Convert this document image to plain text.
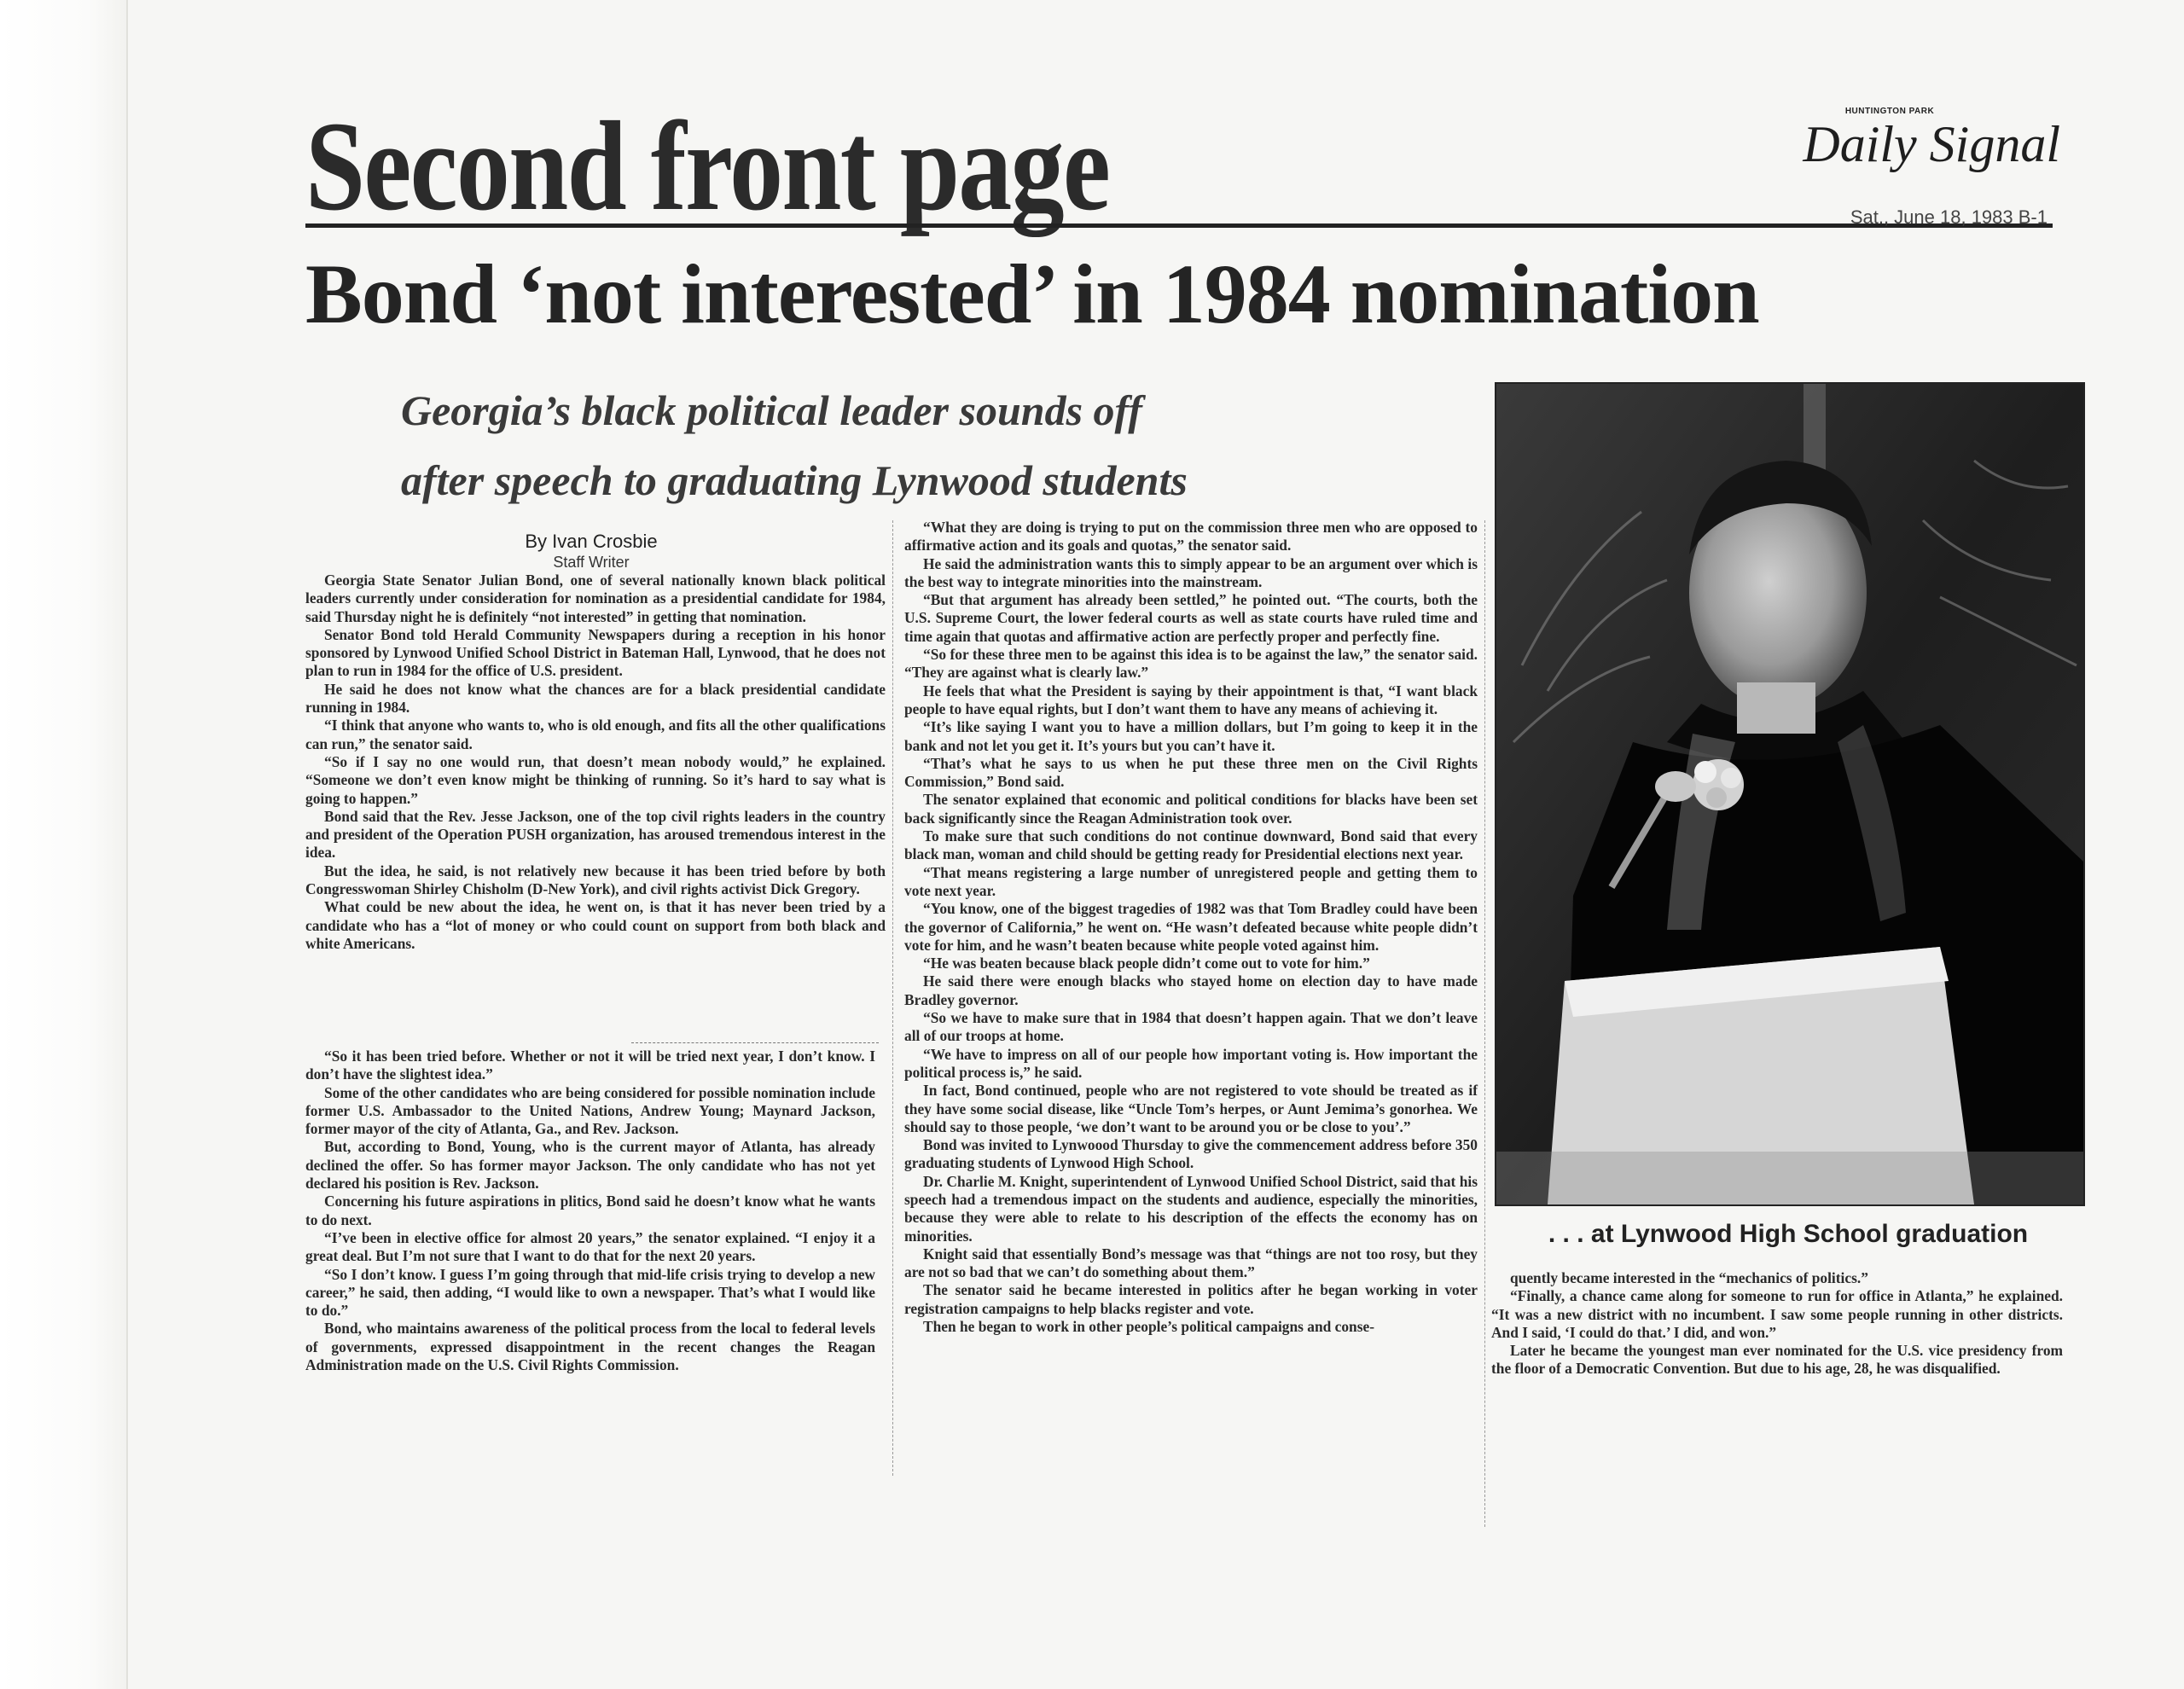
Second front page	HUNTINGTON PARK
Daily Signal
Sat., June 18, 1983 B-1
Bond ‘not interested’ in 1984 nomination
Georgia’s black political leader sounds off
after speech to graduating Lynwood students
By Ivan Crosbie
Staff Writer

Georgia State Senator Julian Bond, one of several nationally known black political leaders currently under consideration for nomination as a presidential candidate for 1984, said Thursday night he is definitely “not interested” in getting that nomination.

Senator Bond told Herald Community Newspapers during a reception in his honor sponsored by Lynwood Unified School District in Bateman Hall, Lynwood, that he does not plan to run in 1984 for the office of U.S. president.

He said he does not know what the chances are for a black presidential candidate running in 1984.

“I think that anyone who wants to, who is old enough, and fits all the other qualifications can run,” the senator said.

“So if I say no one would run, that doesn’t mean nobody would,” he explained. “Someone we don’t even know might be thinking of running. So it’s hard to say what is going to happen.”

Bond said that the Rev. Jesse Jackson, one of the top civil rights leaders in the country and president of the Operation PUSH organization, has aroused tremendous interest in the idea.

But the idea, he said, is not relatively new because it has been tried before by both Congresswoman Shirley Chisholm (D-New York), and civil rights activist Dick Gregory.

What could be new about the idea, he went on, is that it has never been tried by a candidate who has a “lot of money or who could count on support from both black and white Americans.

“So it has been tried before. Whether or not it will be tried next year, I don’t know. I don’t have the slightest idea.”

Some of the other candidates who are being considered for possible nomination include former U.S. Ambassador to the United Nations, Andrew Young; Maynard Jackson, former mayor of the city of Atlanta, Ga., and Rev. Jackson.

But, according to Bond, Young, who is the current mayor of Atlanta, has already declined the offer. So has former mayor Jackson. The only candidate who has not yet declared his position is Rev. Jackson.

Concerning his future aspirations in plitics, Bond said he doesn’t know what he wants to do next.

“I’ve been in elective office for almost 20 years,” the senator explained. “I enjoy it a great deal. But I’m not sure that I want to do that for the next 20 years.

“So I don’t know. I guess I’m going through that mid-life crisis trying to develop a new career,” he said, then adding, “I would like to own a newspaper. That’s what I would like to do.”

Bond, who maintains awareness of the political process from the local to federal levels of governments, expressed disappointment in the recent changes the Reagan Administration made on the U.S. Civil Rights Commission.

“What they are doing is trying to put on the commission three men who are opposed to affirmative action and its goals and quotas,” the senator said.

He said the administration wants this to simply appear to be an argument over which is the best way to integrate minorities into the mainstream.

“But that argument has already been settled,” he pointed out. “The courts, both the U.S. Supreme Court, the lower federal courts as well as state courts have ruled time and time again that quotas and affirmative action are perfectly proper and perfectly fine.

“So for these three men to be against this idea is to be against the law,” the senator said. “They are against what is clearly law.”

He feels that what the President is saying by their appointment is that, “I want black people to have equal rights, but I don’t want them to have any means of achieving it.

“It’s like saying I want you to have a million dollars, but I’m going to keep it in the bank and not let you get it. It’s yours but you can’t have it.

“That’s what he says to us when he put these three men on the Civil Rights Commission,” Bond said.

The senator explained that economic and political conditions for blacks have been set back significantly since the Reagan Administration took over.

To make sure that such conditions do not continue downward, Bond said that every black man, woman and child should be getting ready for Presidential elections next year.

“That means registering a large number of unregistered people and getting them to vote next year.

“You know, one of the biggest tragedies of 1982 was that Tom Bradley could have been the governor of California,” he went on. “He wasn’t defeated because white people didn’t vote for him, and he wasn’t beaten because white people voted against him.

“He was beaten because black people didn’t come out to vote for him.”

He said there were enough blacks who stayed home on election day to have made Bradley governor.

“So we have to make sure that in 1984 that doesn’t happen again. That we don’t leave all of our troops at home.

“We have to impress on all of our people how important voting is. How important the political process is,” he said.

In fact, Bond continued, people who are not registered to vote should be treated as if they have some social disease, like “Uncle Tom’s herpes, or Aunt Jemima’s gonorhea. We should say to those people, ‘we don’t want to be around you or be close to you’.”

Bond was invited to Lynwoood Thursday to give the commencement address before 350 graduating students of Lynwood High School.

Dr. Charlie M. Knight, superintendent of Lynwood Unified School District, said that his speech had a tremendous impact on the students and audience, especially the minorities, because they were able to relate to his description of the effects the economy has on minorities.

Knight said that essentially Bond’s message was that “things are not too rosy, but they are not so bad that we can’t do something about them.”

The senator said he became interested in politics after he began working in voter registration campaigns to help blacks register and vote.

Then he began to work in other people’s political campaigns and conse-

. . . at Lynwood High School graduation

quently became interested in the “mechanics of politics.”

“Finally, a chance came along for someone to run for office in Atlanta,” he explained. “It was a new district with no incumbent. I saw some people running in other districts. And I said, ‘I could do that.’ I did, and won.”

Later he became the youngest man ever nominated for the U.S. vice presidency from the floor of a Democratic Convention. But due to his age, 28, he was disqualified.
